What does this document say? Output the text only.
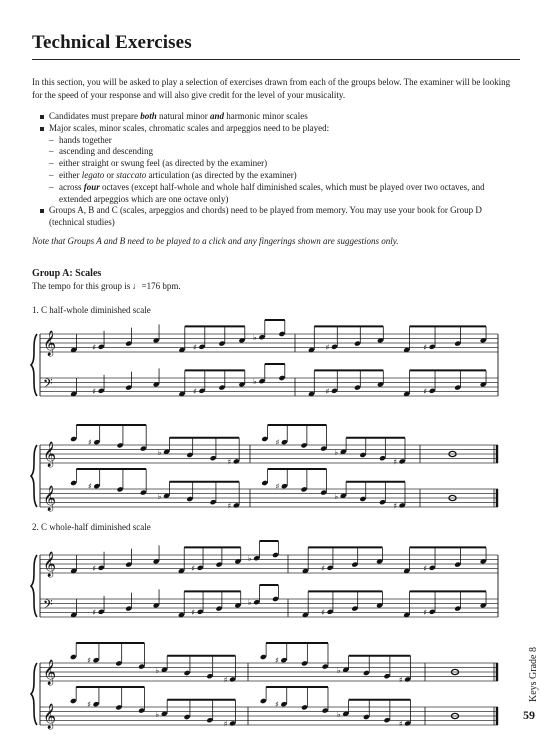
Technical Exercises

In this section, you will be asked to play a selection of exercises drawn from each of the groups below. The examiner will be looking for the speed of your response and will also give credit for the level of your musicality.

Candidates must prepare both natural minor and harmonic minor scales
Major scales, minor scales, chromatic scales and arpeggios need to be played:
– hands together
– ascending and descending
– either straight or swung feel (as directed by the examiner)
– either legato or staccato articulation (as directed by the examiner)
– across four octaves (except half-whole and whole half diminished scales, which must be played over two octaves, and extended arpeggios which are one octave only)
Groups A, B and C (scales, arpeggios and chords) need to be played from memory. You may use your book for Group D (technical studies)

Note that Groups A and B need to be played to a click and any fingerings shown are suggestions only.

Group A: Scales
The tempo for this group is ♩=176 bpm.
1. C half-whole diminished scale
2. C whole-half diminished scale
𝄞
𝄢
♯
♯
♯
♭
♯
♭
♯
♯
♯
♯
𝄞
𝄞
♯
♭
♯
♯
♭
♯
♯
♭
♯
♯
♭
♯
𝄞
𝄢
♯
♯
♯
♭
♯
♭
♯
♯
♯
♯
𝄞
𝄞
♯
♭
♯
♯
♭
♯
♯
♭
♯
♯
♭
♯
Keys Grade 8
59
